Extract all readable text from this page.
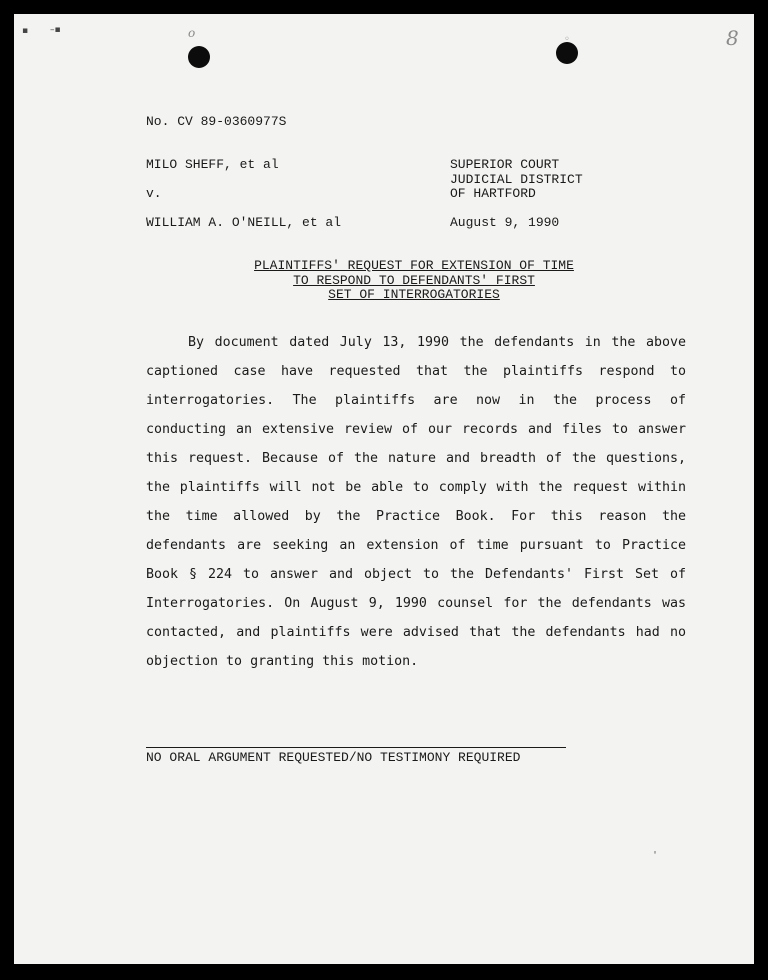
▪ –▪	o	◦	8
No. CV 89-0360977S
MILO SHEFF, et al
v.
WILLIAM A. O'NEILL, et al
SUPERIOR COURT
JUDICIAL DISTRICT
OF HARTFORD
August 9, 1990
PLAINTIFFS' REQUEST FOR EXTENSION OF TIME
TO RESPOND TO DEFENDANTS' FIRST
SET OF INTERROGATORIES
By document dated July 13, 1990 the defendants in the above captioned case have requested that the plaintiffs respond to interrogatories. The plaintiffs are now in the process of conducting an extensive review of our records and files to answer this request. Because of the nature and breadth of the questions, the plaintiffs will not be able to comply with the request within the time allowed by the Practice Book. For this reason the defendants are seeking an extension of time pursuant to Practice Book § 224 to answer and object to the Defendants' First Set of Interrogatories. On August 9, 1990 counsel for the defendants was contacted, and plaintiffs were advised that the defendants had no objection to granting this motion.
NO ORAL ARGUMENT REQUESTED/NO TESTIMONY REQUIRED
'
